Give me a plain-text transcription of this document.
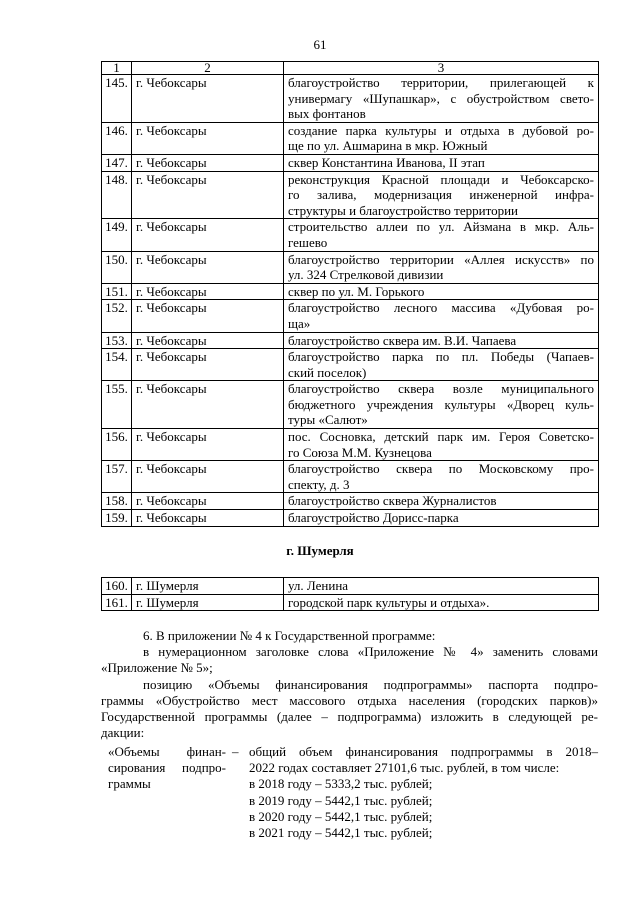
61
1	2	3
145.	г. Чебоксары	благоустройство территории, прилегающей к
универмагу «Шупашкар», с обустройством свето-
вых фонтанов

146.	г. Чебоксары	создание парка культуры и отдыха в дубовой ро-
ще по ул. Ашмарина в мкр. Южный

147.	г. Чебоксары	сквер Константина Иванова, II этап

148.	г. Чебоксары	реконструкция Красной площади и Чебоксарско-
го залива, модернизация инженерной инфра-
структуры и благоустройство территории

149.	г. Чебоксары	строительство аллеи по ул. Айзмана в мкр. Аль-
гешево

150.	г. Чебоксары	благоустройство территории «Аллея искусств» по
ул. 324 Стрелковой дивизии

151.	г. Чебоксары	сквер по ул. М. Горького

152.	г. Чебоксары	благоустройство лесного массива «Дубовая ро-
ща»

153.	г. Чебоксары	благоустройство сквера им. В.И. Чапаева

154.	г. Чебоксары	благоустройство парка по пл. Победы (Чапаев-
ский поселок)

155.	г. Чебоксары	благоустройство сквера возле муниципального
бюджетного учреждения культуры «Дворец куль-
туры «Салют»

156.	г. Чебоксары	пос. Сосновка, детский парк им. Героя Советско-
го Союза М.М. Кузнецова

157.	г. Чебоксары	благоустройство сквера по Московскому про-
спекту, д. 3

158.	г. Чебоксары	благоустройство сквера Журналистов

159.	г. Чебоксары	благоустройство Дорисс-парка
г. Шумерля
160.	г. Шумерля	ул. Ленина

161.	г. Шумерля	городской парк культуры и отдыха».

6. В приложении № 4 к Государственной программе:

в нумерационном заголовке слова «Приложение № 4» заменить словами
«Приложение № 5»;

позицию «Объемы финансирования подпрограммы» паспорта подпро-
граммы «Обустройство мест массового отдыха населения (городских парков)»
Государственной программы (далее – подпрограмма) изложить в следующей ре-
дакции:

«Объемы финан-
сирования подпро-
граммы
– общий объем финансирования подпрограммы в 2018–
2022 годах составляет 27101,6 тыс. рублей, в том числе:
в 2018 году – 5333,2 тыс. рублей;
в 2019 году – 5442,1 тыс. рублей;
в 2020 году – 5442,1 тыс. рублей;
в 2021 году – 5442,1 тыс. рублей;
